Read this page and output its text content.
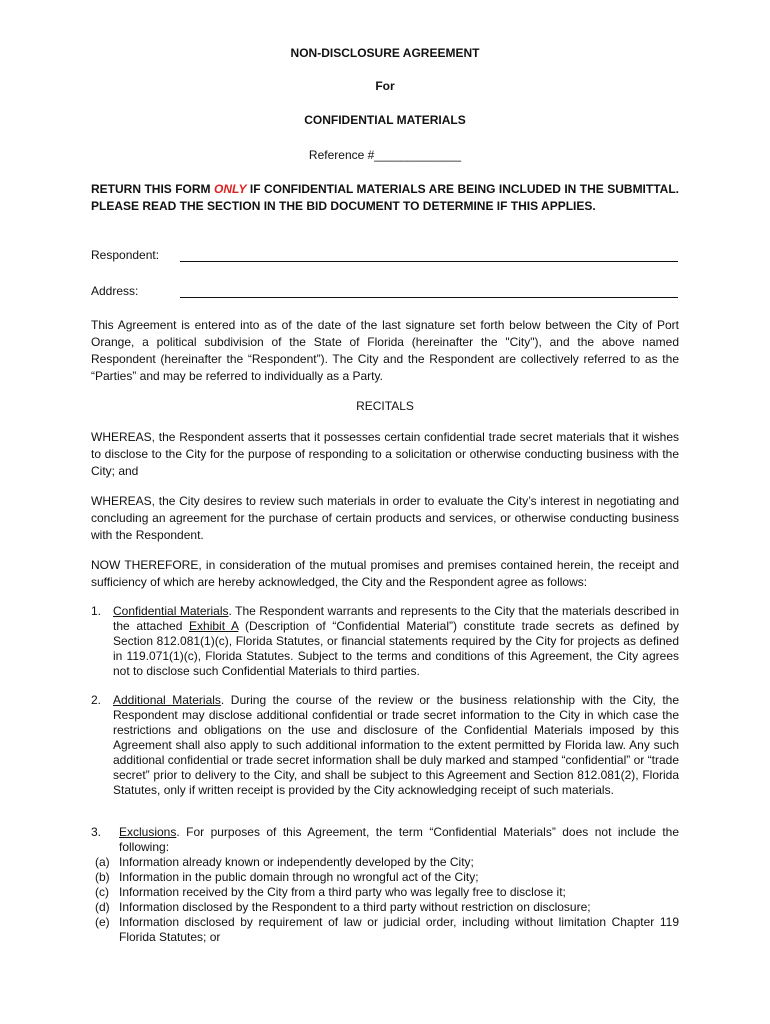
NON-DISCLOSURE AGREEMENT
For
CONFIDENTIAL MATERIALS
Reference #_____________
RETURN THIS FORM ONLY IF CONFIDENTIAL MATERIALS ARE BEING INCLUDED IN THE SUBMITTAL. PLEASE READ THE SECTION IN THE BID DOCUMENT TO DETERMINE IF THIS APPLIES.
Respondent:
Address:
This Agreement is entered into as of the date of the last signature set forth below between the City of Port Orange, a political subdivision of the State of Florida (hereinafter the "City"), and the above named Respondent (hereinafter the “Respondent”). The City and the Respondent are collectively referred to as the “Parties” and may be referred to individually as a Party.
RECITALS
WHEREAS, the Respondent asserts that it possesses certain confidential trade secret materials that it wishes to disclose to the City for the purpose of responding to a solicitation or otherwise conducting business with the City; and
WHEREAS, the City desires to review such materials in order to evaluate the City’s interest in negotiating and concluding an agreement for the purchase of certain products and services, or otherwise conducting business with the Respondent.
NOW THEREFORE, in consideration of the mutual promises and premises contained herein, the receipt and sufficiency of which are hereby acknowledged, the City and the Respondent agree as follows:
1. Confidential Materials. The Respondent warrants and represents to the City that the materials described in the attached Exhibit A (Description of “Confidential Material”) constitute trade secrets as defined by Section 812.081(1)(c), Florida Statutes, or financial statements required by the City for projects as defined in 119.071(1)(c), Florida Statutes. Subject to the terms and conditions of this Agreement, the City agrees not to disclose such Confidential Materials to third parties.
2. Additional Materials. During the course of the review or the business relationship with the City, the Respondent may disclose additional confidential or trade secret information to the City in which case the restrictions and obligations on the use and disclosure of the Confidential Materials imposed by this Agreement shall also apply to such additional information to the extent permitted by Florida law. Any such additional confidential or trade secret information shall be duly marked and stamped “confidential” or “trade secret” prior to delivery to the City, and shall be subject to this Agreement and Section 812.081(2), Florida Statutes, only if written receipt is provided by the City acknowledging receipt of such materials.
3. Exclusions. For purposes of this Agreement, the term “Confidential Materials” does not include the following:
(a) Information already known or independently developed by the City;
(b) Information in the public domain through no wrongful act of the City;
(c) Information received by the City from a third party who was legally free to disclose it;
(d) Information disclosed by the Respondent to a third party without restriction on disclosure;
(e) Information disclosed by requirement of law or judicial order, including without limitation Chapter 119 Florida Statutes; or
